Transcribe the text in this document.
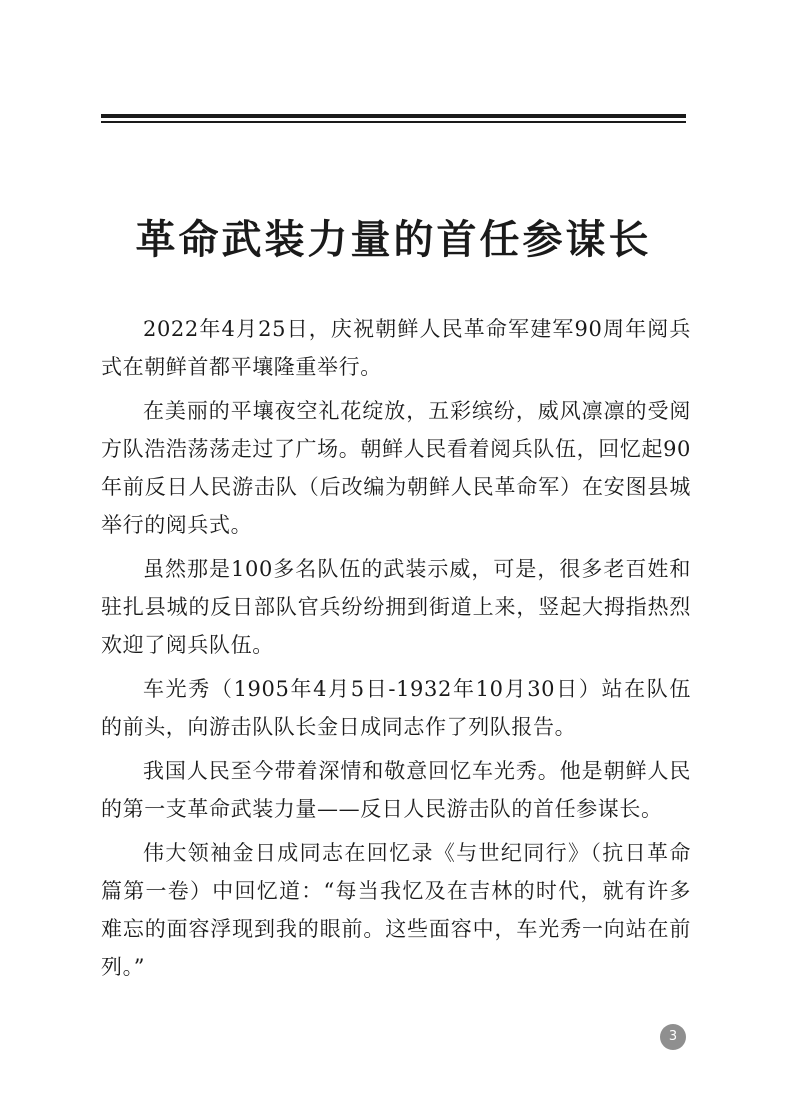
革命武装力量的首任参谋长

2022年4月25日，庆祝朝鲜人民革命军建军90周年阅兵式在朝鲜首都平壤隆重举行。

在美丽的平壤夜空礼花绽放，五彩缤纷，威风凛凛的受阅方队浩浩荡荡走过了广场。朝鲜人民看着阅兵队伍，回忆起90年前反日人民游击队（后改编为朝鲜人民革命军）在安图县城举行的阅兵式。

虽然那是100多名队伍的武装示威，可是，很多老百姓和驻扎县城的反日部队官兵纷纷拥到街道上来，竖起大拇指热烈欢迎了阅兵队伍。

车光秀（1905年4月5日-1932年10月30日）站在队伍的前头，向游击队队长金日成同志作了列队报告。

我国人民至今带着深情和敬意回忆车光秀。他是朝鲜人民的第一支革命武装力量——反日人民游击队的首任参谋长。

伟大领袖金日成同志在回忆录《与世纪同行》（抗日革命篇第一卷）中回忆道：“每当我忆及在吉林的时代，就有许多难忘的面容浮现到我的眼前。这些面容中，车光秀一向站在前列。”

3
